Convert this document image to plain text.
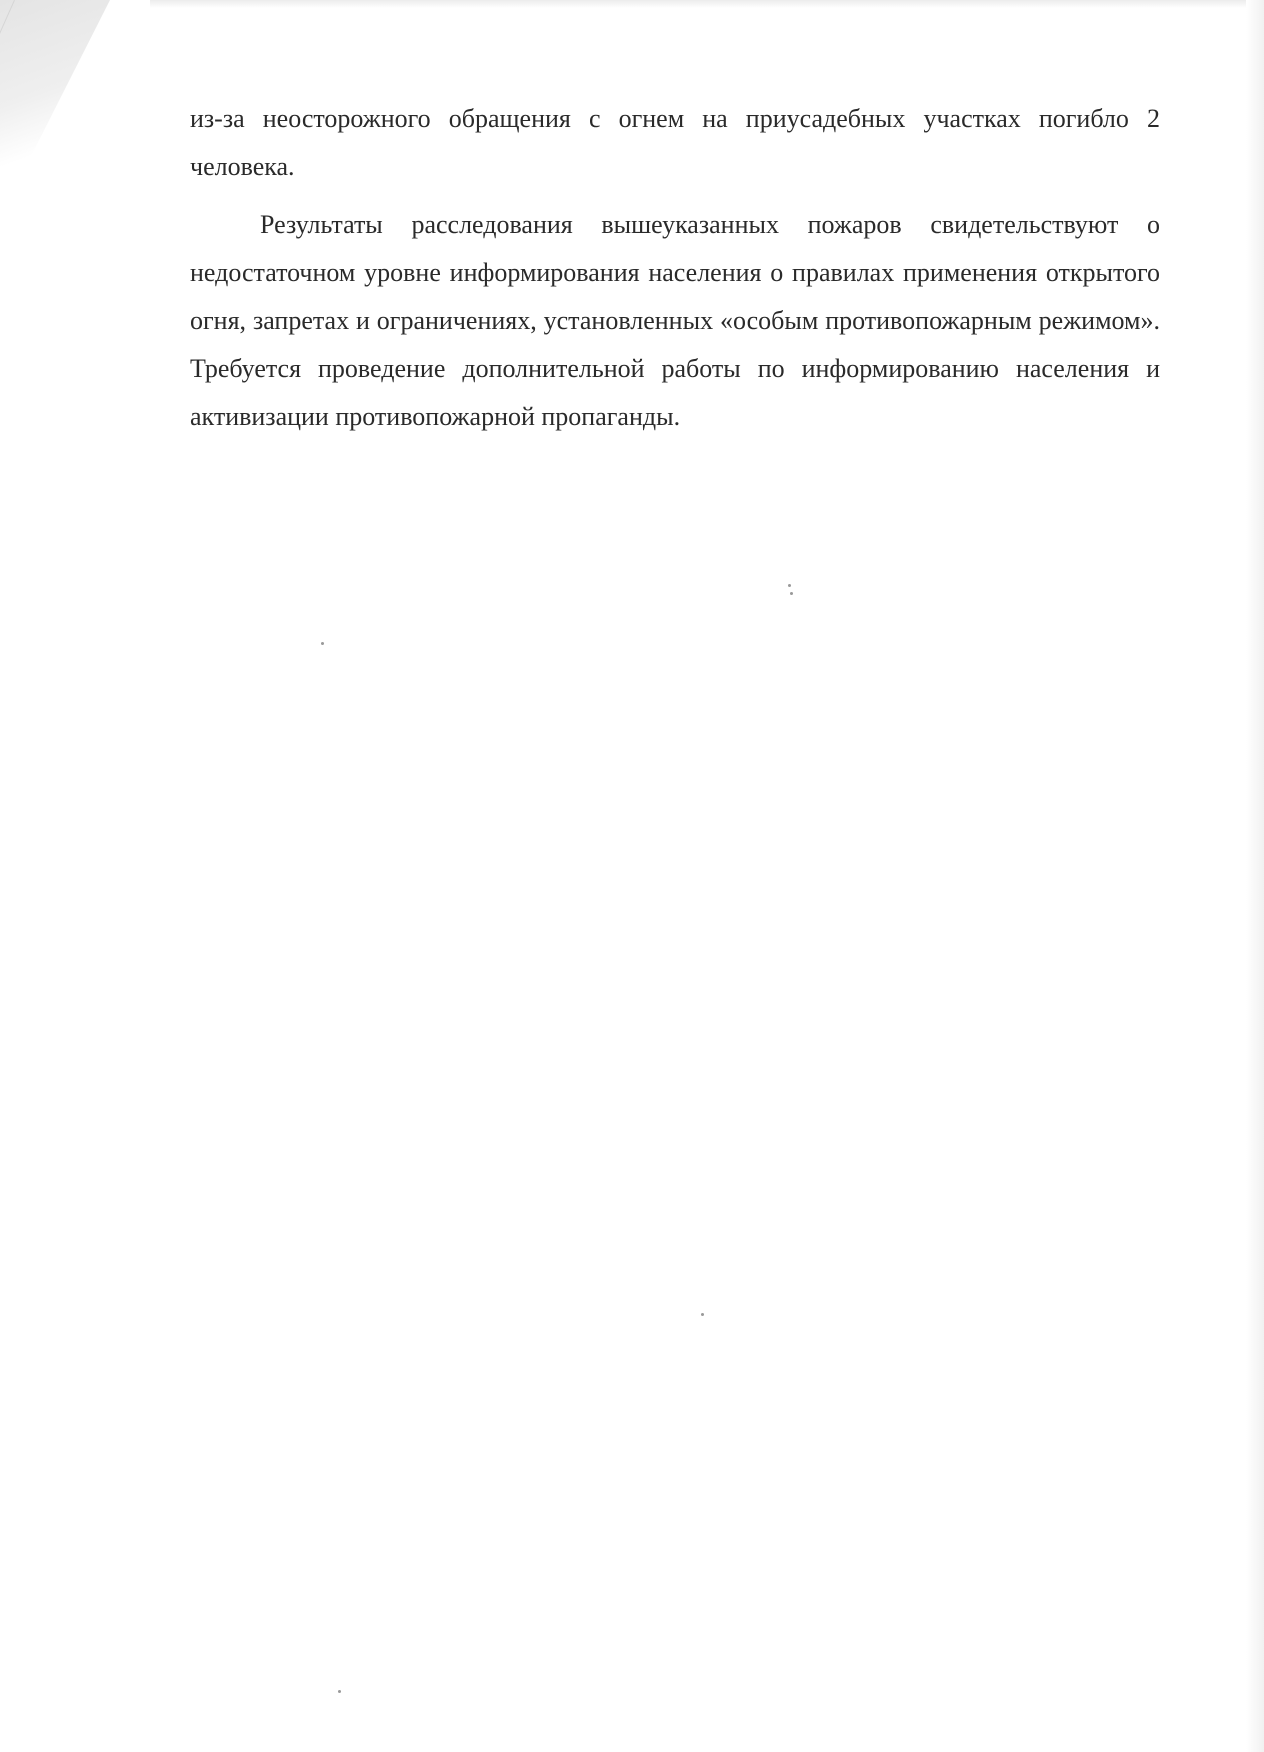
из-за неосторожного обращения с огнем на приусадебных участках погибло 2 человека.

Результаты расследования вышеуказанных пожаров свидетельствуют о недостаточном уровне информирования населения о правилах применения открытого огня, запретах и ограничениях, установленных «особым противопожарным режимом». Требуется проведение дополнительной работы по информированию населения и активизации противопожарной пропаганды.
